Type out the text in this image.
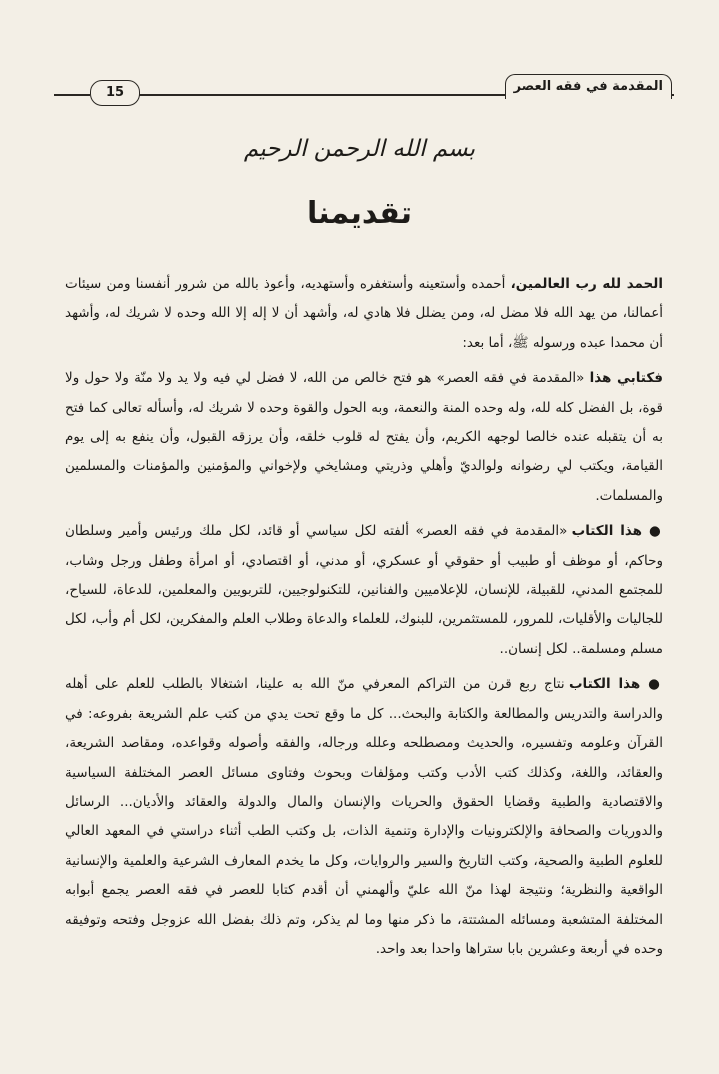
15	المقدمة في فقه العصر
بسم الله الرحمن الرحيم
تقديمنا

الحمد لله رب العالمين، أحمده وأستعينه وأستغفره وأستهديه، وأعوذ بالله من شرور أنفسنا ومن سيئات أعمالنا، من يهد الله فلا مضل له، ومن يضلل فلا هادي له، وأشهد أن لا إله إلا الله وحده لا شريك له، وأشهد أن محمدا عبده ورسوله ﷺ، أما بعد:

فكتابي هذا «المقدمة في فقه العصر» هو فتح خالص من الله، لا فضل لي فيه ولا يد ولا منّة ولا حول ولا قوة، بل الفضل كله لله، وله وحده المنة والنعمة، وبه الحول والقوة وحده لا شريك له، وأسأله تعالى كما فتح به أن يتقبله عنده خالصا لوجهه الكريم، وأن يفتح له قلوب خلقه، وأن يرزقه القبول، وأن ينفع به إلى يوم القيامة، ويكتب لي رضوانه ولوالديّ وأهلي وذريتي ومشايخي ولإخواني والمؤمنين والمؤمنات والمسلمين والمسلمات.

● هذا الكتاب «المقدمة في فقه العصر» ألفته لكل سياسي أو قائد، لكل ملك ورئيس وأمير وسلطان وحاكم، أو موظف أو طبيب أو حقوقي أو عسكري، أو مدني، أو اقتصادي، أو امرأة وطفل ورجل وشاب، للمجتمع المدني، للقبيلة، للإنسان، للإعلاميين والفنانين، للتكنولوجيين، للتربويين والمعلمين، للدعاة، للسياح، للجاليات والأقليات، للمرور، للمستثمرين، للبنوك، للعلماء والدعاة وطلاب العلم والمفكرين، لكل أم وأب، لكل مسلم ومسلمة.. لكل إنسان..

● هذا الكتاب نتاج ربع قرن من التراكم المعرفي منّ الله به علينا، اشتغالا بالطلب للعلم على أهله والدراسة والتدريس والمطالعة والكتابة والبحث... كل ما وقع تحت يدي من كتب علم الشريعة بفروعه: في القرآن وعلومه وتفسيره، والحديث ومصطلحه وعلله ورجاله، والفقه وأصوله وقواعده، ومقاصد الشريعة، والعقائد، واللغة، وكذلك كتب الأدب وكتب ومؤلفات وبحوث وفتاوى مسائل العصر المختلفة السياسية والاقتصادية والطبية وقضايا الحقوق والحريات والإنسان والمال والدولة والعقائد والأديان... الرسائل والدوريات والصحافة والإلكترونيات والإدارة وتنمية الذات، بل وكتب الطب أثناء دراستي في المعهد العالي للعلوم الطبية والصحية، وكتب التاريخ والسير والروايات، وكل ما يخدم المعارف الشرعية والعلمية والإنسانية الواقعية والنظرية؛ ونتيجة لهذا منّ الله عليّ وألهمني أن أقدم كتابا للعصر في فقه العصر يجمع أبوابه المختلفة المتشعبة ومسائله المشتتة، ما ذكر منها وما لم يذكر، وتم ذلك بفضل الله عزوجل وفتحه وتوفيقه وحده في أربعة وعشرين بابا ستراها واحدا بعد واحد.
